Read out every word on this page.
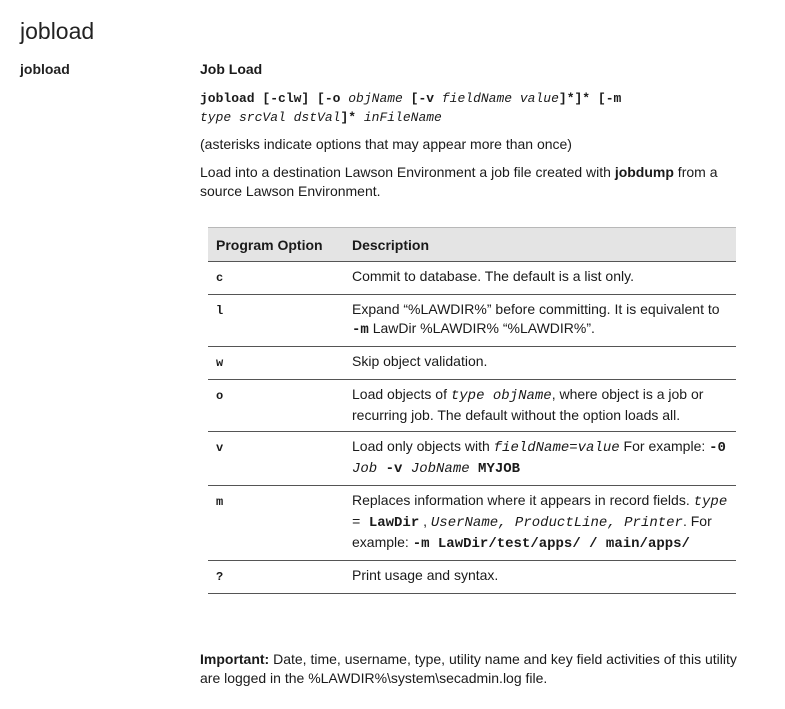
jobload
jobload	Job Load
jobload [-clw] [-o objName [-v fieldName value]*]* [-m
type srcVal dstVal]* inFileName
(asterisks indicate options that may appear more than once)
Load into a destination Lawson Environment a job file created with jobdump from a source Lawson Environment.
Program Option	Description
c	Commit to database. The default is a list only.
l	Expand “%LAWDIR%” before committing. It is equivalent to -m LawDir %LAWDIR% “%LAWDIR%”.
w	Skip object validation.
o	Load objects of type objName, where object is a job or recurring job. The default without the option loads all.
v	Load only objects with fieldName=value For example: -0 Job -v JobName MYJOB
m	Replaces information where it appears in record fields. type = LawDir , UserName, ProductLine, Printer. For example: -m LawDir/test/apps/ / main/apps/
?	Print usage and syntax.
Important: Date, time, username, type, utility name and key field activities of this utility are logged in the %LAWDIR%\system\secadmin.log file.
